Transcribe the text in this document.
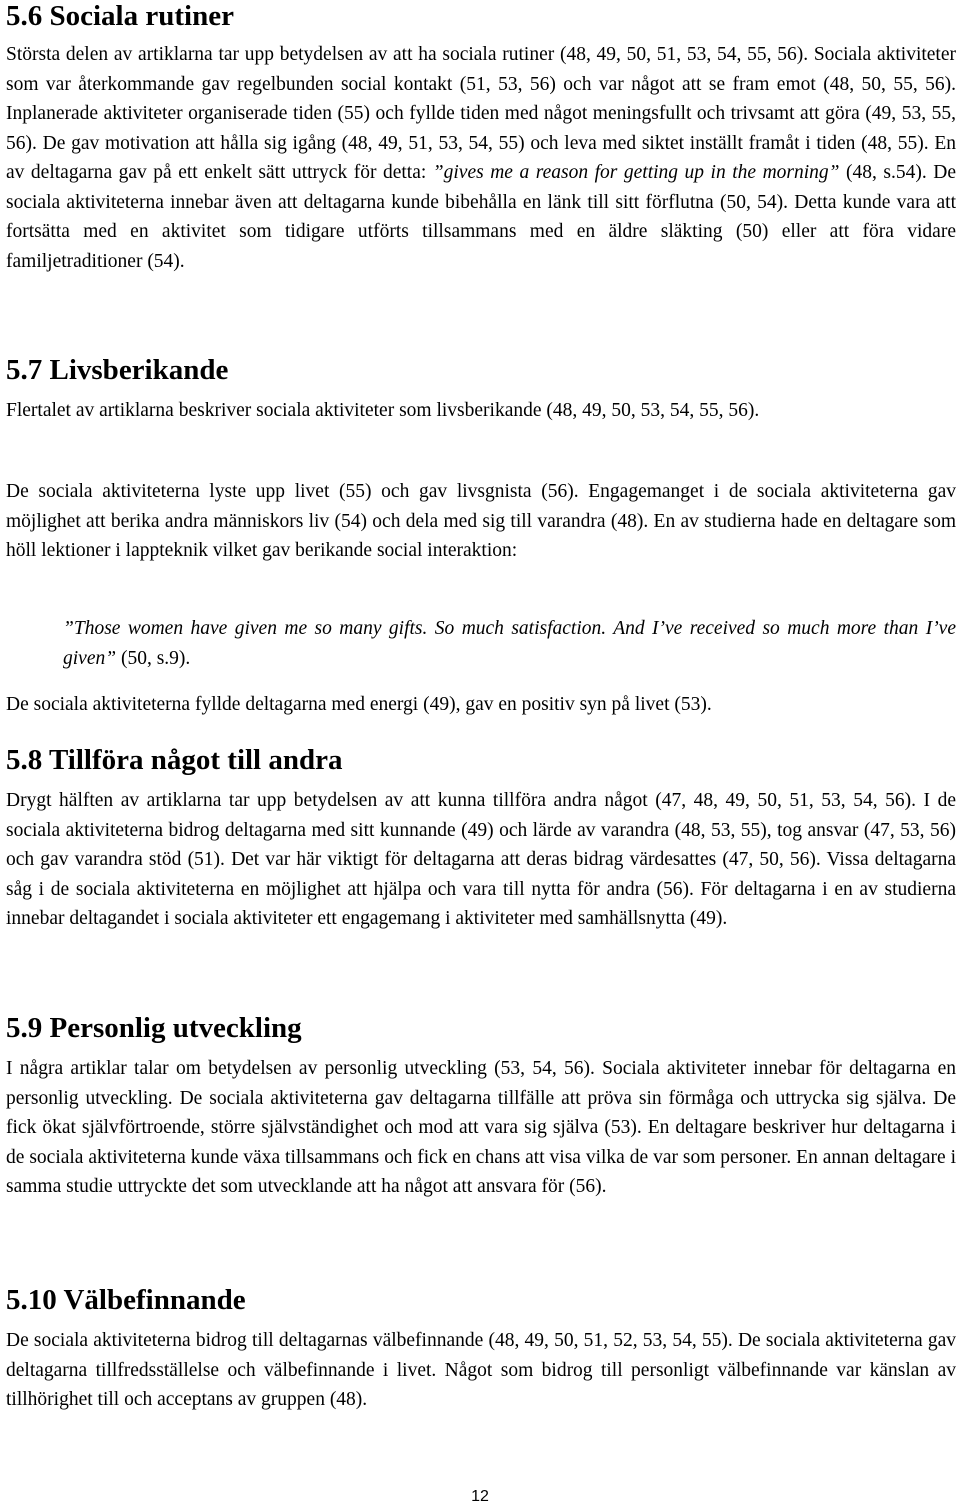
5.6 Sociala rutiner

Största delen av artiklarna tar upp betydelsen av att ha sociala rutiner (48, 49, 50, 51, 53, 54, 55, 56). Sociala aktiviteter som var återkommande gav regelbunden social kontakt (51, 53, 56) och var något att se fram emot (48, 50, 55, 56). Inplanerade aktiviteter organiserade tiden (55) och fyllde tiden med något meningsfullt och trivsamt att göra (49, 53, 55, 56). De gav motivation att hålla sig igång (48, 49, 51, 53, 54, 55) och leva med siktet inställt framåt i tiden (48, 55). En av deltagarna gav på ett enkelt sätt uttryck för detta: ”gives me a reason for getting up in the morning” (48, s.54). De sociala aktiviteterna innebar även att deltagarna kunde bibehålla en länk till sitt förflutna (50, 54). Detta kunde vara att fortsätta med en aktivitet som tidigare utförts tillsammans med en äldre släkting (50) eller att föra vidare familjetraditioner (54).

5.7 Livsberikande

Flertalet av artiklarna beskriver sociala aktiviteter som livsberikande (48, 49, 50, 53, 54, 55, 56).

De sociala aktiviteterna lyste upp livet (55) och gav livsgnista (56). Engagemanget i de sociala aktiviteterna gav möjlighet att berika andra människors liv (54) och dela med sig till varandra (48). En av studierna hade en deltagare som höll lektioner i lappteknik vilket gav berikande social interaktion:

”Those women have given me so many gifts. So much satisfaction. And I’ve received so much more than I’ve given” (50, s.9).

De sociala aktiviteterna fyllde deltagarna med energi (49), gav en positiv syn på livet (53).

5.8 Tillföra något till andra

Drygt hälften av artiklarna tar upp betydelsen av att kunna tillföra andra något (47, 48, 49, 50, 51, 53, 54, 56). I de sociala aktiviteterna bidrog deltagarna med sitt kunnande (49) och lärde av varandra (48, 53, 55), tog ansvar (47, 53, 56) och gav varandra stöd (51). Det var här viktigt för deltagarna att deras bidrag värdesattes (47, 50, 56). Vissa deltagarna såg i de sociala aktiviteterna en möjlighet att hjälpa och vara till nytta för andra (56). För deltagarna i en av studierna innebar deltagandet i sociala aktiviteter ett engagemang i aktiviteter med samhällsnytta (49).

5.9 Personlig utveckling

I några artiklar talar om betydelsen av personlig utveckling (53, 54, 56). Sociala aktiviteter innebar för deltagarna en personlig utveckling. De sociala aktiviteterna gav deltagarna tillfälle att pröva sin förmåga och uttrycka sig själva. De fick ökat självförtroende, större självständighet och mod att vara sig själva (53). En deltagare beskriver hur deltagarna i de sociala aktiviteterna kunde växa tillsammans och fick en chans att visa vilka de var som personer. En annan deltagare i samma studie uttryckte det som utvecklande att ha något att ansvara för (56).

5.10 Välbefinnande

De sociala aktiviteterna bidrog till deltagarnas välbefinnande (48, 49, 50, 51, 52, 53, 54, 55). De sociala aktiviteterna gav deltagarna tillfredsställelse och välbefinnande i livet. Något som bidrog till personligt välbefinnande var känslan av tillhörighet till och acceptans av gruppen (48).

12
